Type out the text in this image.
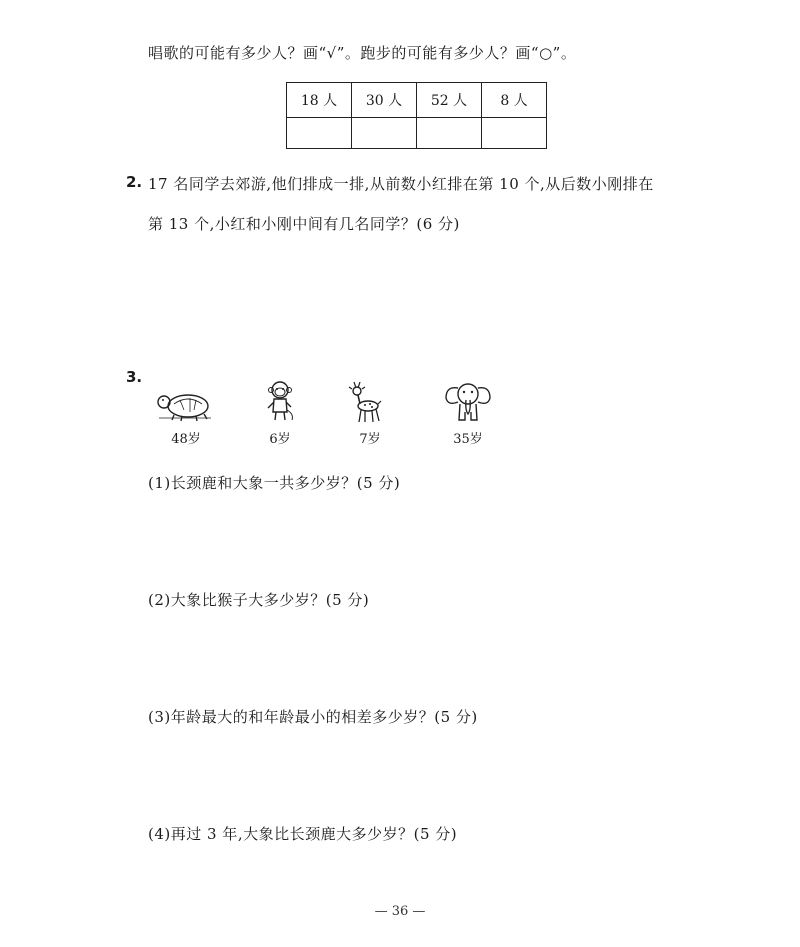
唱歌的可能有多少人？画“√”。跑步的可能有多少人？画“○”。
18 人	30 人	52 人	8 人

2. 17 名同学去郊游,他们排成一排,从前数小红排在第 10 个,从后数小刚排在
第 13 个,小红和小刚中间有几名同学？(6 分)
3.
48岁	6岁	7岁	35岁
(1)长颈鹿和大象一共多少岁？(5 分)
(2)大象比猴子大多少岁？(5 分)
(3)年龄最大的和年龄最小的相差多少岁？(5 分)
(4)再过 3 年,大象比长颈鹿大多少岁？(5 分)
— 36 —
